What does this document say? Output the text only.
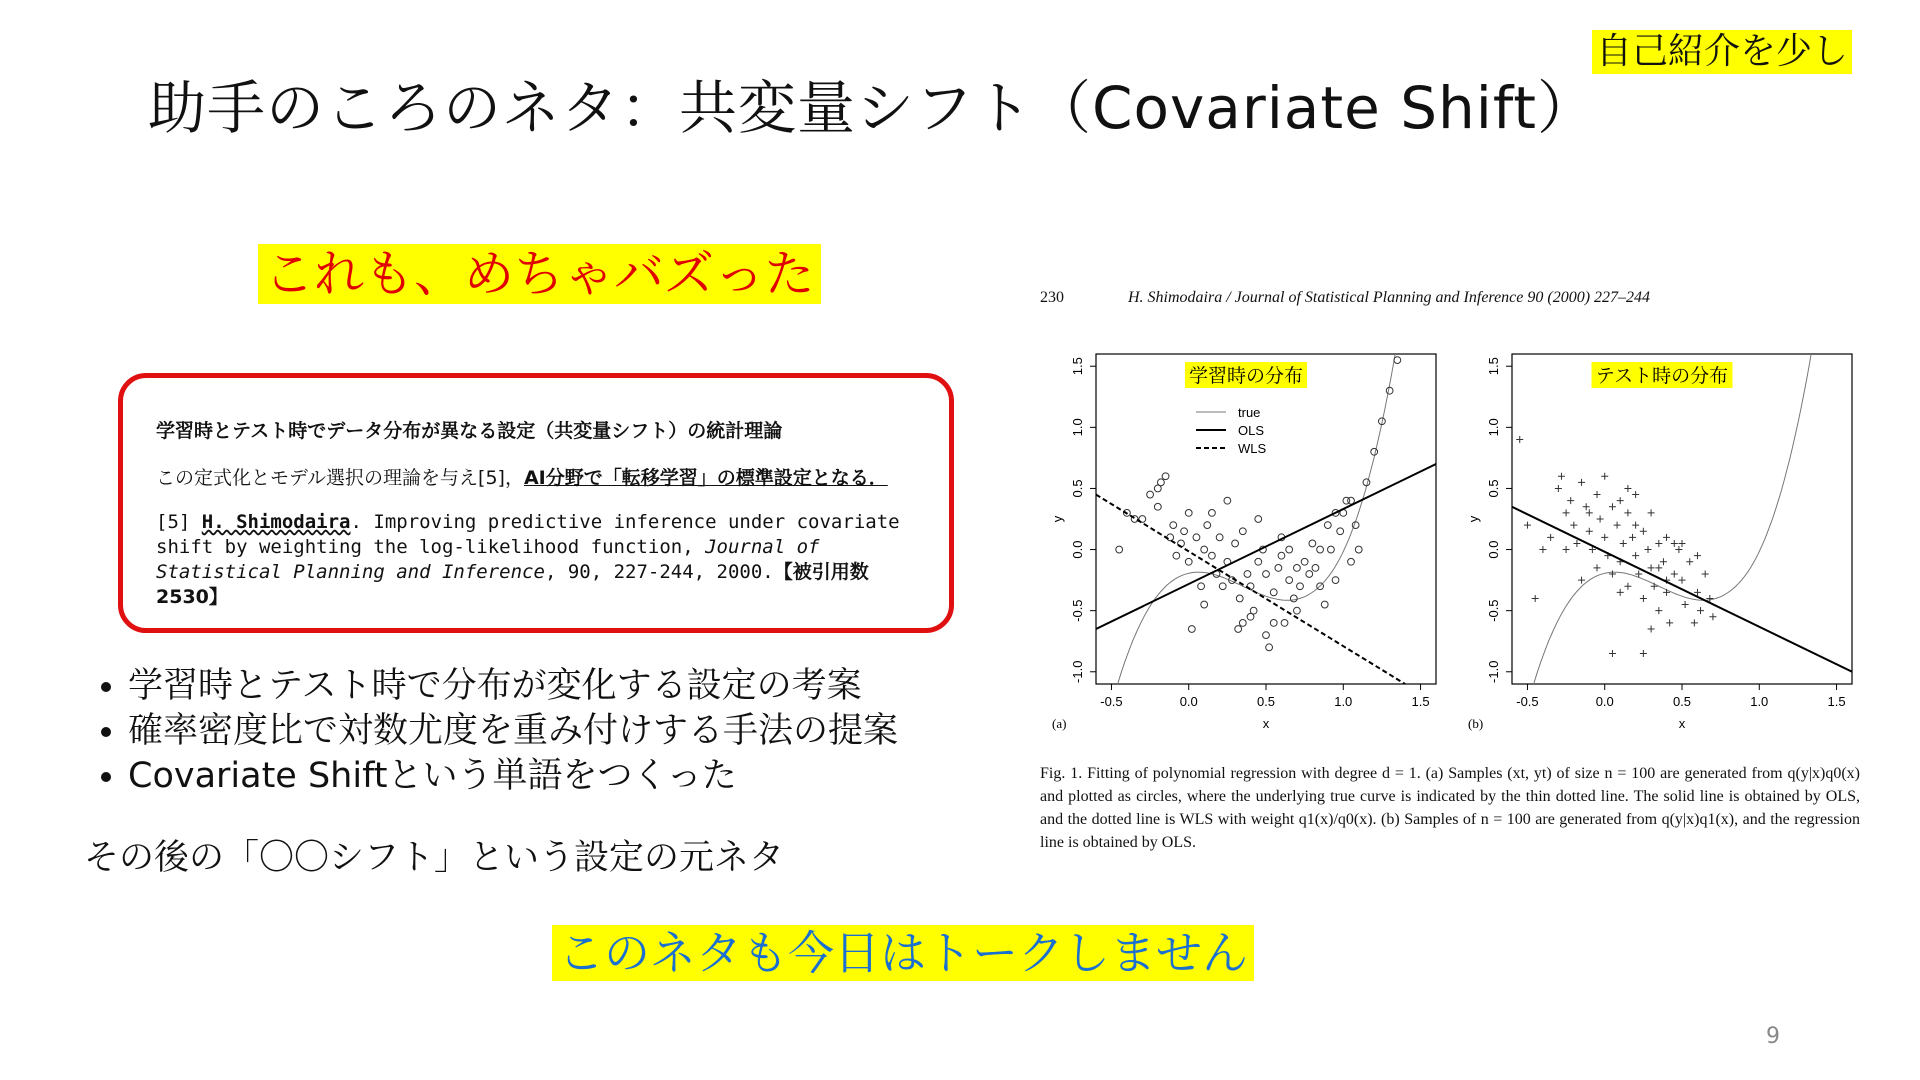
自己紹介を少し
助手のころのネタ：共変量シフト（Covariate Shift）
これも、めちゃバズった
学習時とテスト時でデータ分布が異なる設定（共変量シフト）の統計理論
この定式化とモデル選択の理論を与え[5]，AI分野で「転移学習」の標準設定となる．
[5] H. Shimodaira. Improving predictive inference under covariate shift by weighting the log-likelihood function, Journal of Statistical Planning and Inference, 90, 227-244, 2000.【被引用数 2530】
• 学習時とテスト時で分布が変化する設定の考案
• 確率密度比で対数尤度を重み付けする手法の提案
• Covariate Shiftという単語をつくった
その後の「〇〇シフト」という設定の元ネタ
このネタも今日はトークしません
9
230	H. Shimodaira / Journal of Statistical Planning and Inference 90 (2000) 227–244
-0.5	0.0	0.5	1.0	1.5
-1.0
-0.5
0.0
0.5
1.0
1.5
x
y
(a)
学習時の分布
true
OLS
WLS
-0.5	0.0	0.5	1.0	1.5
-1.0
-0.5
0.0
0.5
1.0
1.5
x
y
(b)
テスト時の分布
Fig. 1. Fitting of polynomial regression with degree d = 1. (a) Samples (xt, yt) of size n = 100 are generated from q(y|x)q0(x) and plotted as circles, where the underlying true curve is indicated by the thin dotted line. The solid line is obtained by OLS, and the dotted line is WLS with weight q1(x)/q0(x). (b) Samples of n = 100 are generated from q(y|x)q1(x), and the regression line is obtained by OLS.
